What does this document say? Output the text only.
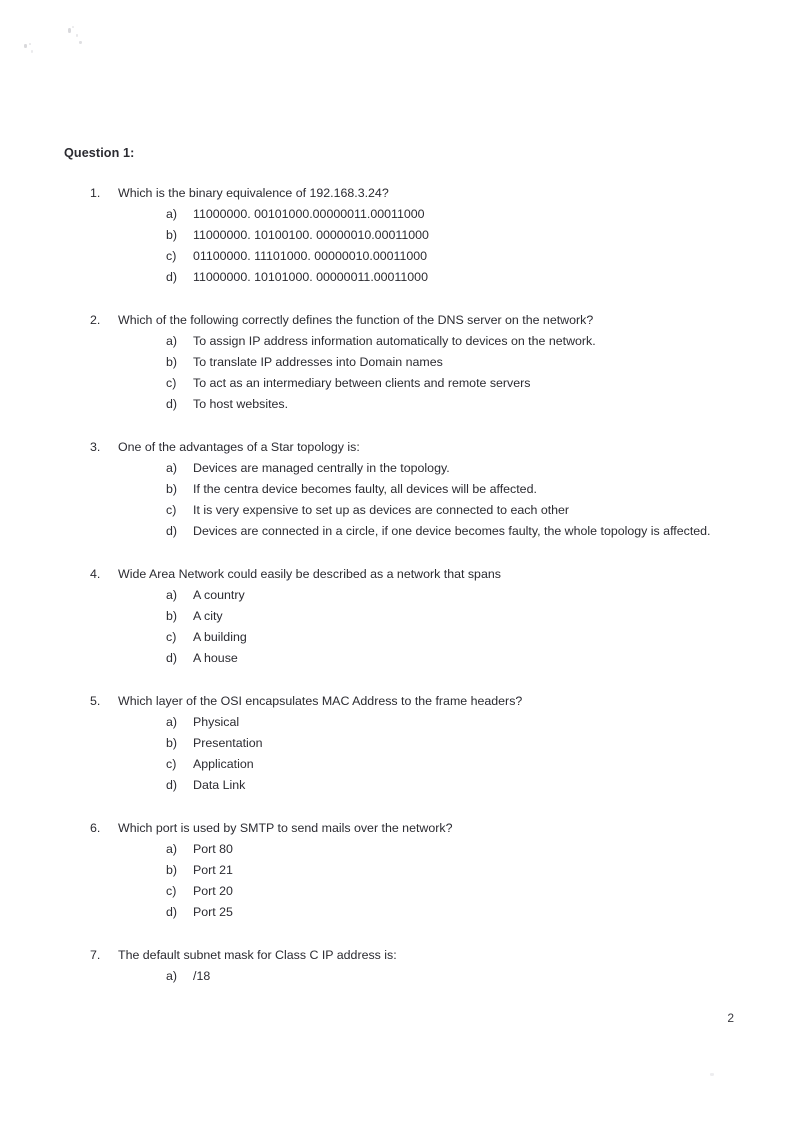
Question 1:

1.	Which is the binary equivalence of 192.168.3.24?

a)	11000000. 00101000.00000011.00011000
b)	11000000. 10100100. 00000010.00011000
c)	01100000. 11101000. 00000010.00011000
d)	11000000. 10101000. 00000011.00011000
2.	Which of the following correctly defines the function of the DNS server on the network?

a)	To assign IP address information automatically to devices on the network.
b)	To translate IP addresses into Domain names
c)	To act as an intermediary between clients and remote servers
d)	To host websites.
3.	One of the advantages of a Star topology is:

a)	Devices are managed centrally in the topology.
b)	If the centra device becomes faulty, all devices will be affected.
c)	It is very expensive to set up as devices are connected to each other
d)	Devices are connected in a circle, if one device becomes faulty, the whole topology is affected.
4.	Wide Area Network could easily be described as a network that spans

a)	A country
b)	A city
c)	A building
d)	A house
5.	Which layer of the OSI encapsulates MAC Address to the frame headers?

a)	Physical
b)	Presentation
c)	Application
d)	Data Link
6.	Which port is used by SMTP to send mails over the network?

a)	Port 80
b)	Port 21
c)	Port 20
d)	Port 25
7.	The default subnet mask for Class C IP address is:

a)	/18
2
